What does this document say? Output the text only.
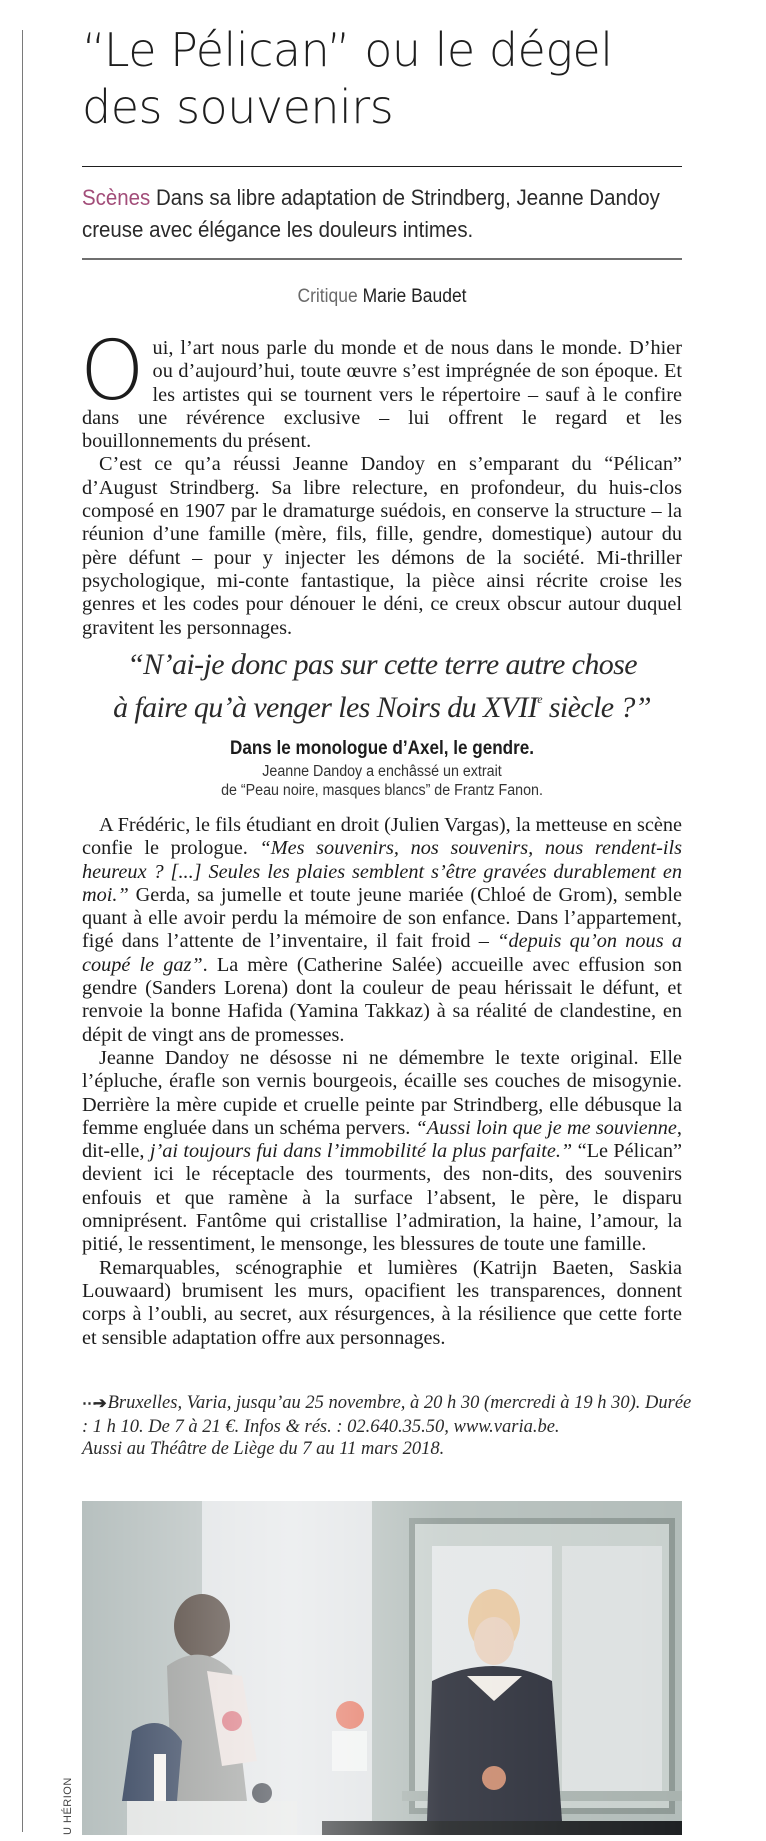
“Le Pélican” ou le dégel
des souvenirs
Scènes Dans sa libre adaptation de Strindberg, Jeanne Dandoy creuse avec élégance les douleurs intimes.
Critique Marie Baudet

Oui, l’art nous parle du monde et de nous dans le monde. D’hier ou d’aujourd’hui, toute œuvre s’est imprégnée de son époque. Et les artistes qui se tournent vers le répertoire – sauf à le confire dans une révérence exclusive – lui offrent le regard et les bouillonnements du présent.

C’est ce qu’a réussi Jeanne Dandoy en s’emparant du “Pélican” d’August Strindberg. Sa libre relecture, en profondeur, du huis-clos composé en 1907 par le dramaturge suédois, en conserve la structure – la réunion d’une famille (mère, fils, fille, gendre, domestique) autour du père défunt – pour y injecter les démons de la société. Mi-thriller psychologique, mi-conte fantastique, la pièce ainsi récrite croise les genres et les codes pour dénouer le déni, ce creux obscur autour duquel gravitent les personnages.

“N’ai-je donc pas sur cette terre autre chose
à faire qu’à venger les Noirs du XVIIe siècle ?”
Dans le monologue d’Axel, le gendre.
Jeanne Dandoy a enchâssé un extrait
de “Peau noire, masques blancs” de Frantz Fanon.

A Frédéric, le fils étudiant en droit (Julien Vargas), la metteuse en scène confie le prologue. “Mes souvenirs, nos souvenirs, nous rendent-ils heureux ? [...] Seules les plaies semblent s’être gravées durablement en moi.” Gerda, sa jumelle et toute jeune mariée (Chloé de Grom), semble quant à elle avoir perdu la mémoire de son enfance. Dans l’appartement, figé dans l’attente de l’inventaire, il fait froid – “depuis qu’on nous a coupé le gaz”. La mère (Catherine Salée) accueille avec effusion son gendre (Sanders Lorena) dont la couleur de peau hérissait le défunt, et renvoie la bonne Hafida (Yamina Takkaz) à sa réalité de clandestine, en dépit de vingt ans de promesses.

Jeanne Dandoy ne désosse ni ne démembre le texte original. Elle l’épluche, érafle son vernis bourgeois, écaille ses couches de misogynie. Derrière la mère cupide et cruelle peinte par Strindberg, elle débusque la femme engluée dans un schéma pervers. “Aussi loin que je me souvienne, dit-elle, j’ai toujours fui dans l’immobilité la plus parfaite.” “Le Pélican” devient ici le réceptacle des tourments, des non-dits, des souvenirs enfouis et que ramène à la surface l’absent, le père, le disparu omniprésent. Fantôme qui cristallise l’admiration, la haine, l’amour, la pitié, le ressentiment, le mensonge, les blessures de toute une famille.

Remarquables, scénographie et lumières (Katrijn Baeten, Saskia Louwaard) brumisent les murs, opacifient les transparences, donnent corps à l’oubli, au secret, aux résurgences, à la résilience que cette forte et sensible adaptation offre aux personnages.

⋯➔ Bruxelles, Varia, jusqu’au 25 novembre, à 20 h 30 (mercredi à 19 h 30). Durée : 1 h 10. De 7 à 21 €. Infos & rés. : 02.640.35.50, www.varia.be.
Aussi au Théâtre de Liège du 7 au 11 mars 2018.
U HÉRION
